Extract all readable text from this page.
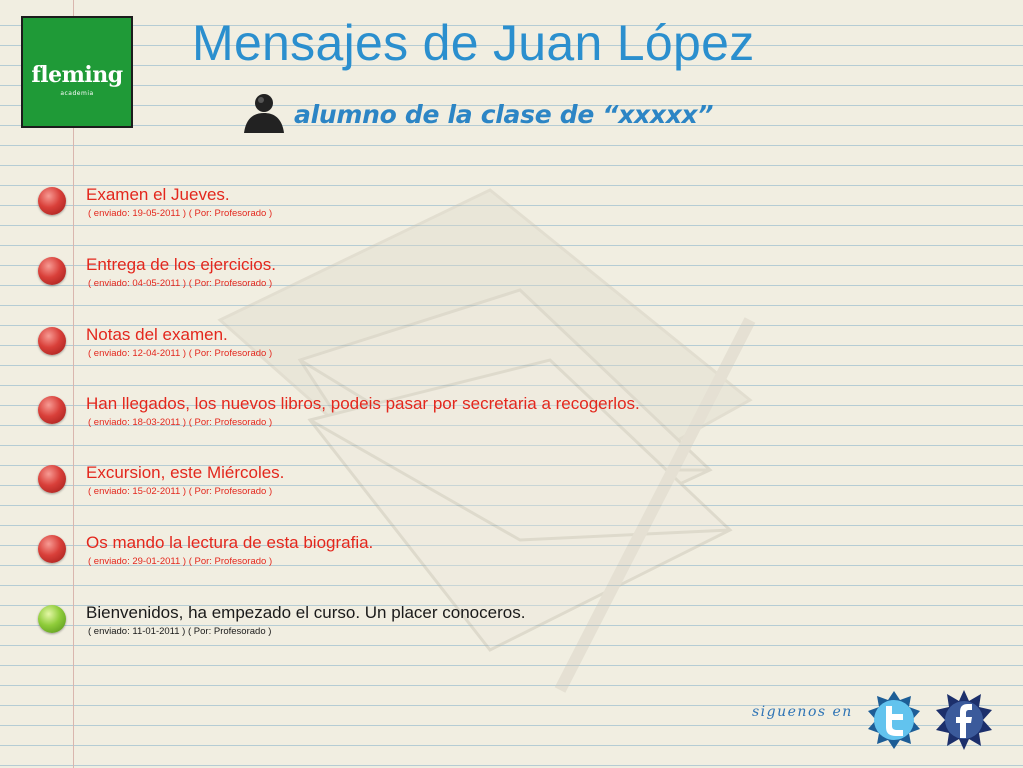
fleming
academia
Mensajes de Juan López
alumno de la clase de “xxxxx”
Examen el Jueves.
( enviado: 19-05-2011 ) ( Por: Profesorado )
Entrega de los ejercicios.
( enviado: 04-05-2011 ) ( Por: Profesorado )
Notas del examen.
( enviado: 12-04-2011 ) ( Por: Profesorado )
Han llegados, los nuevos libros, podeis pasar por secretaria a recogerlos.
( enviado: 18-03-2011 ) ( Por: Profesorado )
Excursion, este Miércoles.
( enviado: 15-02-2011 ) ( Por: Profesorado )
Os mando la lectura de esta biografia.
( enviado: 29-01-2011 ) ( Por: Profesorado )
Bienvenidos, ha empezado el curso. Un placer conoceros.
( enviado: 11-01-2011 ) ( Por: Profesorado )
siguenos en
